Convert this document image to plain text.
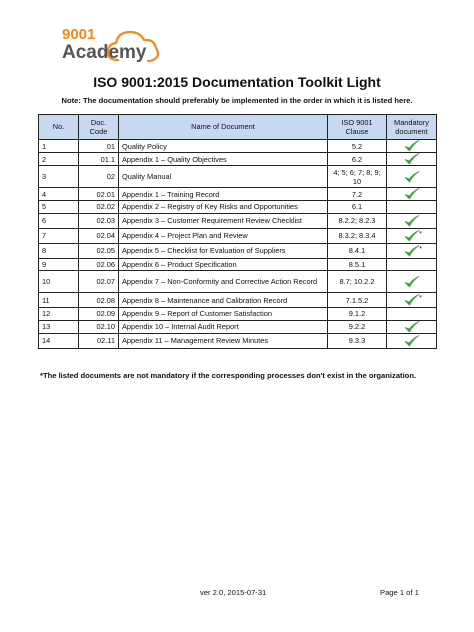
9001
Academy
ISO 9001:2015 Documentation Toolkit Light
Note: The documentation should preferably be implemented in the order in which it is listed here.
No.	Doc. Code	Name of Document	ISO 9001 Clause	Mandatory document
1	01	Quality Policy	5.2	
2	01.1	Appendix 1 – Quality Objectives	6.2	
3	02	Quality Manual	4; 5; 6; 7; 8; 9; 10	
4	02.01	Appendix 1 – Training Record	7.2	
5	02.02	Appendix 2 – Registry of Key Risks and Opportunities	6.1	
6	02.03	Appendix 3 – Customer Requirement Review Checklist	8.2.2; 8.2.3	
7	02.04	Appendix 4 – Project Plan and Review	8.3.2; 8.3.4	*

8	02.05	Appendix 5 – Checklist for Evaluation of Suppliers	8.4.1	*

9	02.06	Appendix 6 – Product Specification	8.5.1	
10	02.07	Appendix 7 – Non-Conformity and Corrective Action Record	8.7; 10.2.2	
11	02.08	Appendix 8 – Maintenance and Calibration Record	7.1.5.2	*

12	02.09	Appendix 9 – Report of Customer Satisfaction	9.1.2	
13	02.10	Appendix 10 – Internal Audit Report	9.2.2	
14	02.11	Appendix 11 – Management Review Minutes	9.3.3	
*The listed documents are not mandatory if the corresponding processes don't exist in the organization.
ver 2.0, 2015-07-31	Page 1 of 1
